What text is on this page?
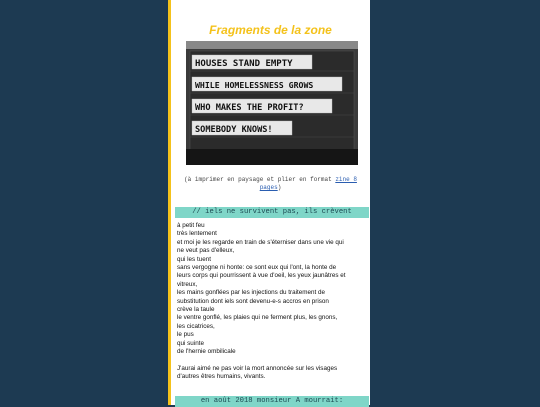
Fragments de la zone
HOUSES STAND EMPTY
WHILE HOMELESSNESS GROWS
WHO MAKES THE PROFIT?
SOMEBODY KNOWS!
(à imprimer en paysage et plier en format zine 8 pages)
// iels ne survivent pas, ils crèvent
à petit feu
très lentement
et moi je les regarde en train de s'éterniser dans une vie qui
ne veut pas d'elleux,
qui les tuent
sans vergogne ni honte: ce sont eux qui l'ont, la honte de
leurs corps qui pourrissent à vue d'oeil, les yeux jaunâtres et
vitreux,
les mains gonflées par les injections du traitement de
substitution dont iels sont devenu-e-s accros en prison
crève la taule
le ventre gonflé, les plaies qui ne ferment plus, les gnons,
les cicatrices,
le pus
qui suinte
de l'hernie ombilicale
J'aurai aimé ne pas voir la mort annoncée sur les visages
d'autres êtres humains, vivants.
en août 2018 monsieur A mourrait:
